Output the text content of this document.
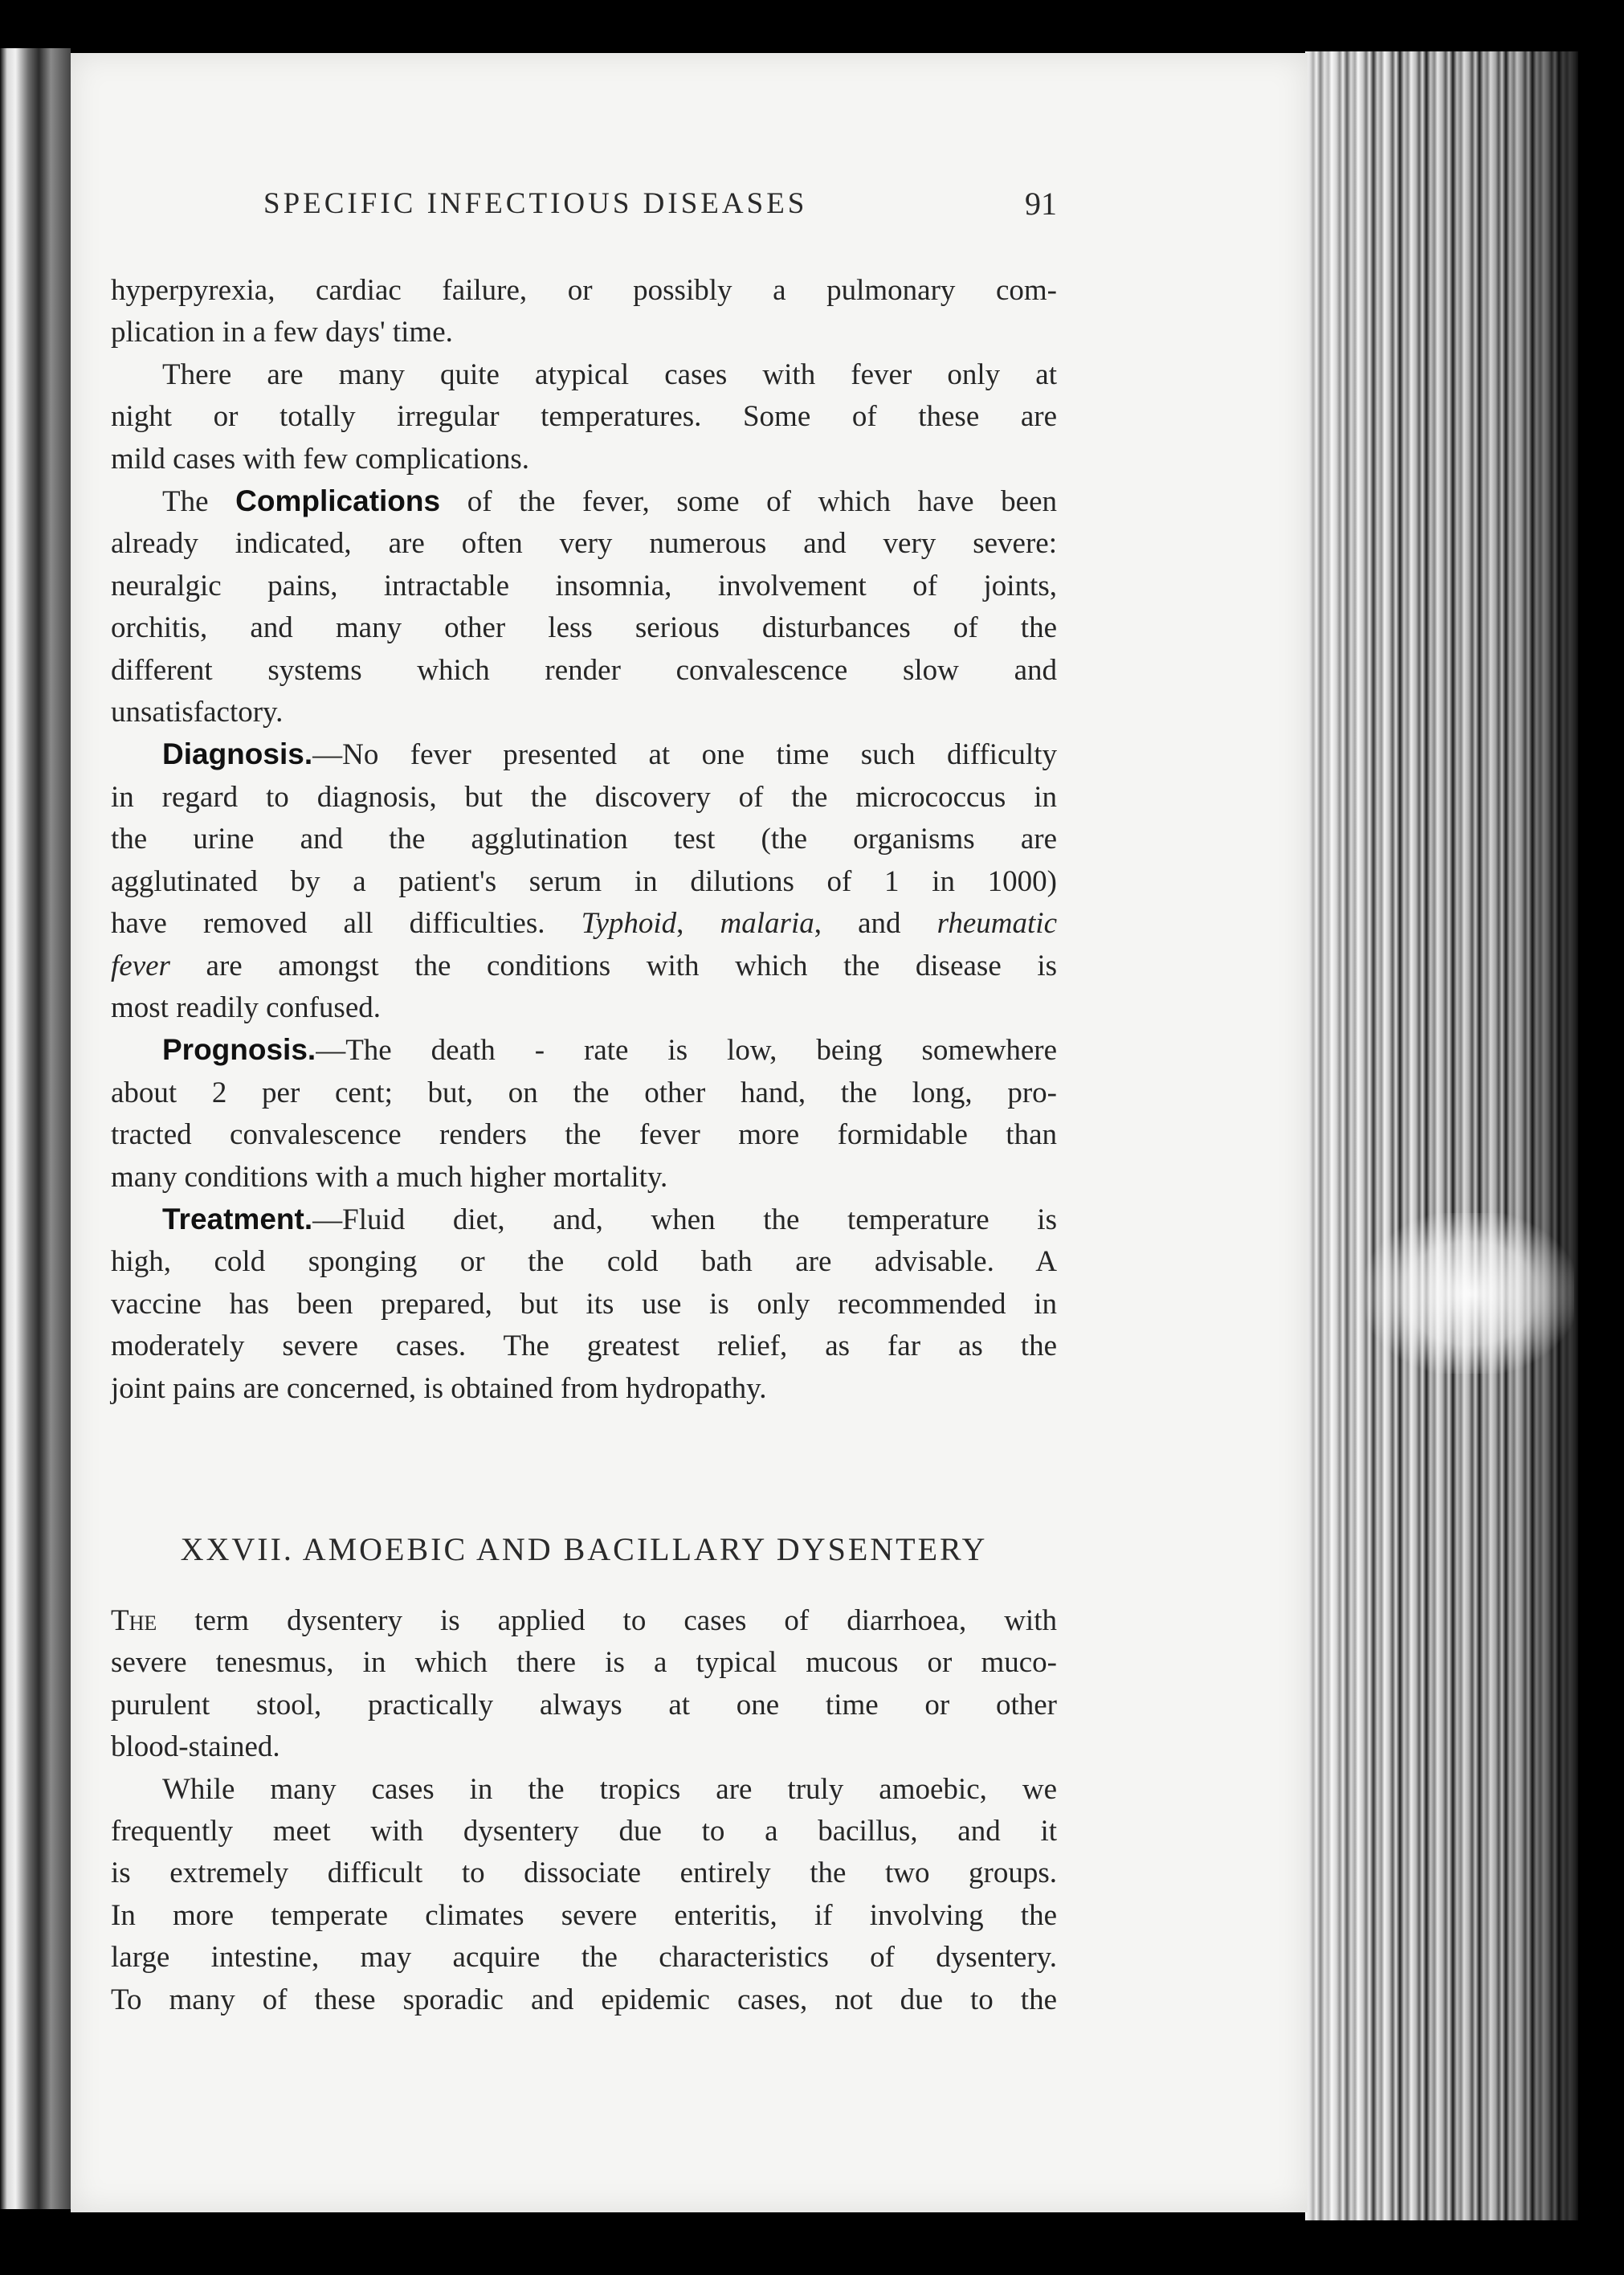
SPECIFIC INFECTIOUS DISEASES	91

hyperpyrexia, cardiac failure, or possibly a pulmonary com-

plication in a few days' time.

There are many quite atypical cases with fever only at

night or totally irregular temperatures. Some of these are

mild cases with few complications.

The Complications of the fever, some of which have been

already indicated, are often very numerous and very severe:

neuralgic pains, intractable insomnia, involvement of joints,

orchitis, and many other less serious disturbances of the

different systems which render convalescence slow and

unsatisfactory.

Diagnosis.—No fever presented at one time such difficulty

in regard to diagnosis, but the discovery of the micrococcus in

the urine and the agglutination test (the organisms are

agglutinated by a patient's serum in dilutions of 1 in 1000)

have removed all difficulties. Typhoid, malaria, and rheumatic

fever are amongst the conditions with which the disease is

most readily confused.

Prognosis.—The death - rate is low, being somewhere

about 2 per cent; but, on the other hand, the long, pro-

tracted convalescence renders the fever more formidable than

many conditions with a much higher mortality.

Treatment.—Fluid diet, and, when the temperature is

high, cold sponging or the cold bath are advisable. A

vaccine has been prepared, but its use is only recommended in

moderately severe cases. The greatest relief, as far as the

joint pains are concerned, is obtained from hydropathy.

XXVII. AMOEBIC AND BACILLARY DYSENTERY

The term dysentery is applied to cases of diarrhoea, with

severe tenesmus, in which there is a typical mucous or muco-

purulent stool, practically always at one time or other

blood-stained.

While many cases in the tropics are truly amoebic, we

frequently meet with dysentery due to a bacillus, and it

is extremely difficult to dissociate entirely the two groups.

In more temperate climates severe enteritis, if involving the

large intestine, may acquire the characteristics of dysentery.

To many of these sporadic and epidemic cases, not due to the
